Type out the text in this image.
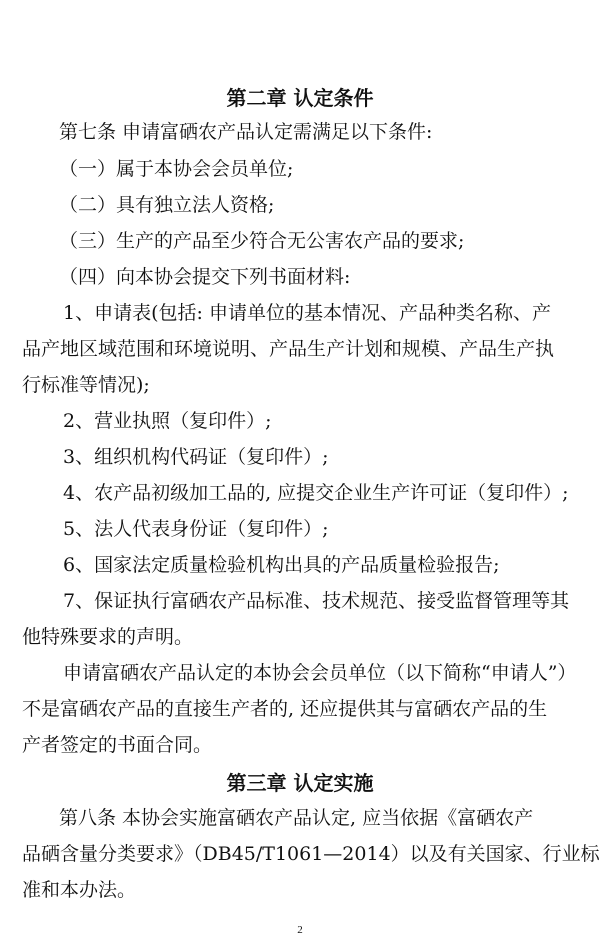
第二章 认定条件
第七条 申请富硒农产品认定需满足以下条件:
（一）属于本协会会员单位;
（二）具有独立法人资格;
（三）生产的产品至少符合无公害农产品的要求;
（四）向本协会提交下列书面材料:
1、申请表(包括: 申请单位的基本情况、产品种类名称、产
品产地区域范围和环境说明、产品生产计划和规模、产品生产执
行标准等情况);
2、营业执照（复印件）;
3、组织机构代码证（复印件）;
4、农产品初级加工品的, 应提交企业生产许可证（复印件）;
5、法人代表身份证（复印件）;
6、国家法定质量检验机构出具的产品质量检验报告;
7、保证执行富硒农产品标准、技术规范、接受监督管理等其
他特殊要求的声明。
申请富硒农产品认定的本协会会员单位（以下简称“申请人”）
不是富硒农产品的直接生产者的, 还应提供其与富硒农产品的生
产者签定的书面合同。
第三章 认定实施
第八条 本协会实施富硒农产品认定, 应当依据《富硒农产
品硒含量分类要求》（DB45/T1061—2014）以及有关国家、行业标
准和本办法。
2
